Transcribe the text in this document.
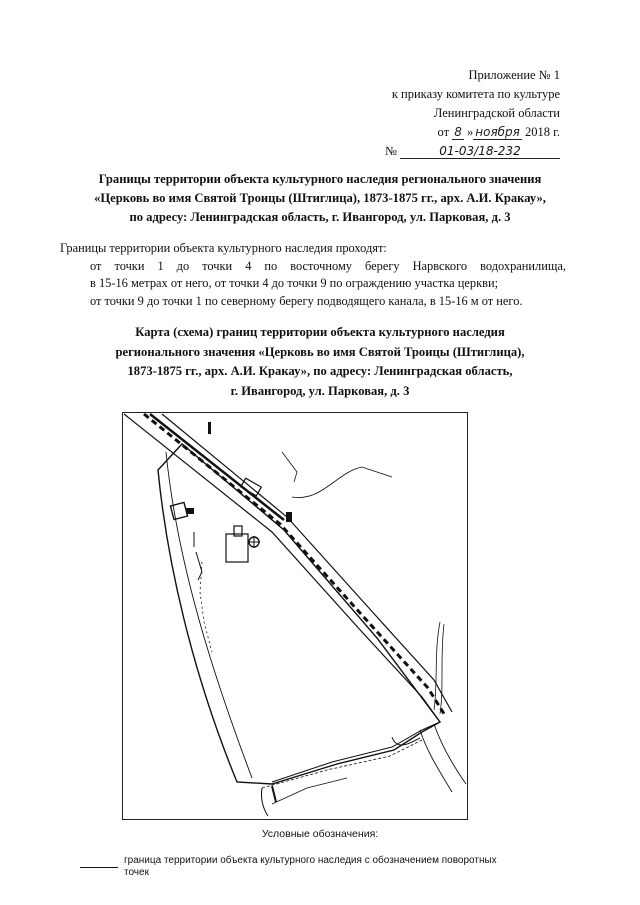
Приложение № 1
к приказу комитета по культуре
Ленинградской области
от 8 » ноября 2018 г.
№	01-03/18-232
Границы территории объекта культурного наследия регионального значения
«Церковь во имя Святой Троицы (Штиглица), 1873-1875 гг., арх. А.И. Кракау»,
по адресу: Ленинградская область, г. Ивангород, ул. Парковая, д. 3

Границы территории объекта культурного наследия проходят:

от точки 1 до точки 4 по восточному берегу Нарвского водохранилища,

в 15-16 метрах от него, от точки 4 до точки 9 по ограждению участка церкви;

от точки 9 до точки 1 по северному берегу подводящего канала, в 15-16 м от него.

Карта (схема) границ территории объекта культурного наследия
регионального значения «Церковь во имя Святой Троицы (Штиглица),
1873-1875 гг., арх. А.И. Кракау», по адресу: Ленинградская область,
г. Ивангород, ул. Парковая, д. 3
Условные обозначения:
граница территории объекта культурного наследия с обозначением поворотных точек
